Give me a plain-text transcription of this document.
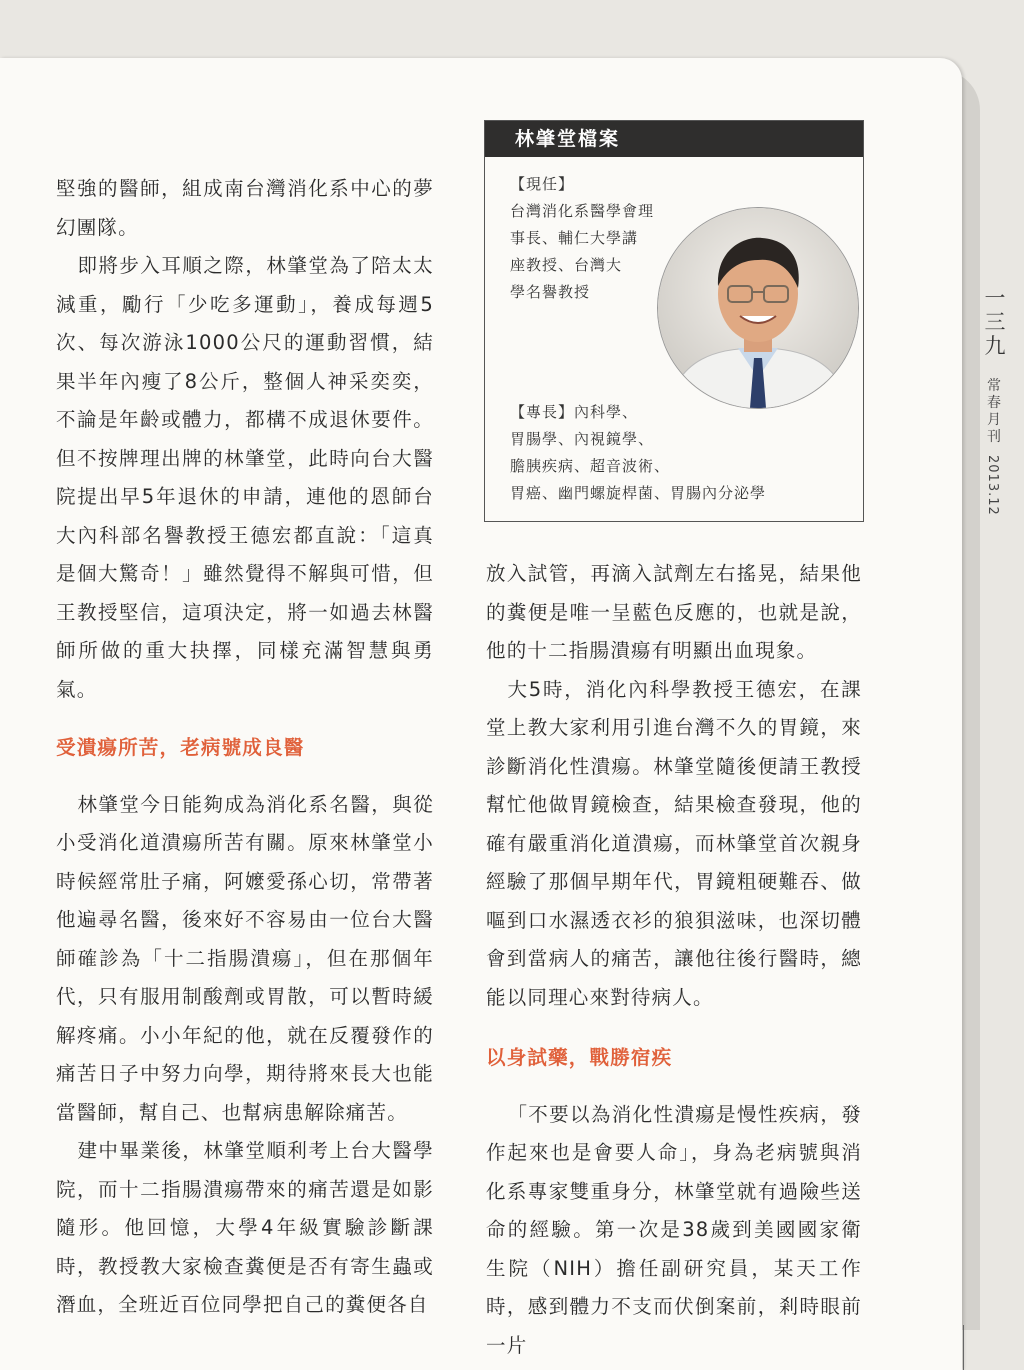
堅強的醫師，組成南台灣消化系中心的夢幻團隊。

即將步入耳順之際，林肇堂為了陪太太減重，勵行「少吃多運動」，養成每週5次、每次游泳1000公尺的運動習慣，結果半年內瘦了8公斤，整個人神采奕奕，不論是年齡或體力，都構不成退休要件。但不按牌理出牌的林肇堂，此時向台大醫院提出早5年退休的申請，連他的恩師台大內科部名譽教授王德宏都直說：「這真是個大驚奇！」雖然覺得不解與可惜，但王教授堅信，這項決定，將一如過去林醫師所做的重大抉擇，同樣充滿智慧與勇氣。

受潰瘍所苦，老病號成良醫

林肇堂今日能夠成為消化系名醫，與從小受消化道潰瘍所苦有關。原來林肇堂小時候經常肚子痛，阿嬤愛孫心切，常帶著他遍尋名醫，後來好不容易由一位台大醫師確診為「十二指腸潰瘍」，但在那個年代，只有服用制酸劑或胃散，可以暫時緩解疼痛。小小年紀的他，就在反覆發作的痛苦日子中努力向學，期待將來長大也能當醫師，幫自己、也幫病患解除痛苦。

建中畢業後，林肇堂順利考上台大醫學院，而十二指腸潰瘍帶來的痛苦還是如影隨形。他回憶，大學4年級實驗診斷課時，教授教大家檢查糞便是否有寄生蟲或潛血，全班近百位同學把自己的糞便各自

林肇堂檔案
【現任】
台灣消化系醫學會理
事長、輔仁大學講
座教授、台灣大
學名譽教授
【專長】內科學、
胃腸學、內視鏡學、
膽胰疾病、超音波術、
胃癌、幽門螺旋桿菌、胃腸內分泌學

放入試管，再滴入試劑左右搖晃，結果他的糞便是唯一呈藍色反應的，也就是說，他的十二指腸潰瘍有明顯出血現象。

大5時，消化內科學教授王德宏，在課堂上教大家利用引進台灣不久的胃鏡，來診斷消化性潰瘍。林肇堂隨後便請王教授幫忙他做胃鏡檢查，結果檢查發現，他的確有嚴重消化道潰瘍，而林肇堂首次親身經驗了那個早期年代，胃鏡粗硬難吞、做嘔到口水濕透衣衫的狼狽滋味，也深切體會到當病人的痛苦，讓他往後行醫時，總能以同理心來對待病人。

以身試藥，戰勝宿疾

「不要以為消化性潰瘍是慢性疾病，發作起來也是會要人命」，身為老病號與消化系專家雙重身分，林肇堂就有過險些送命的經驗。第一次是38歲到美國國家衛生院（NIH）擔任副研究員，某天工作時，感到體力不支而伏倒案前，剎時眼前一片

一三九
常春月刊
2013.12
